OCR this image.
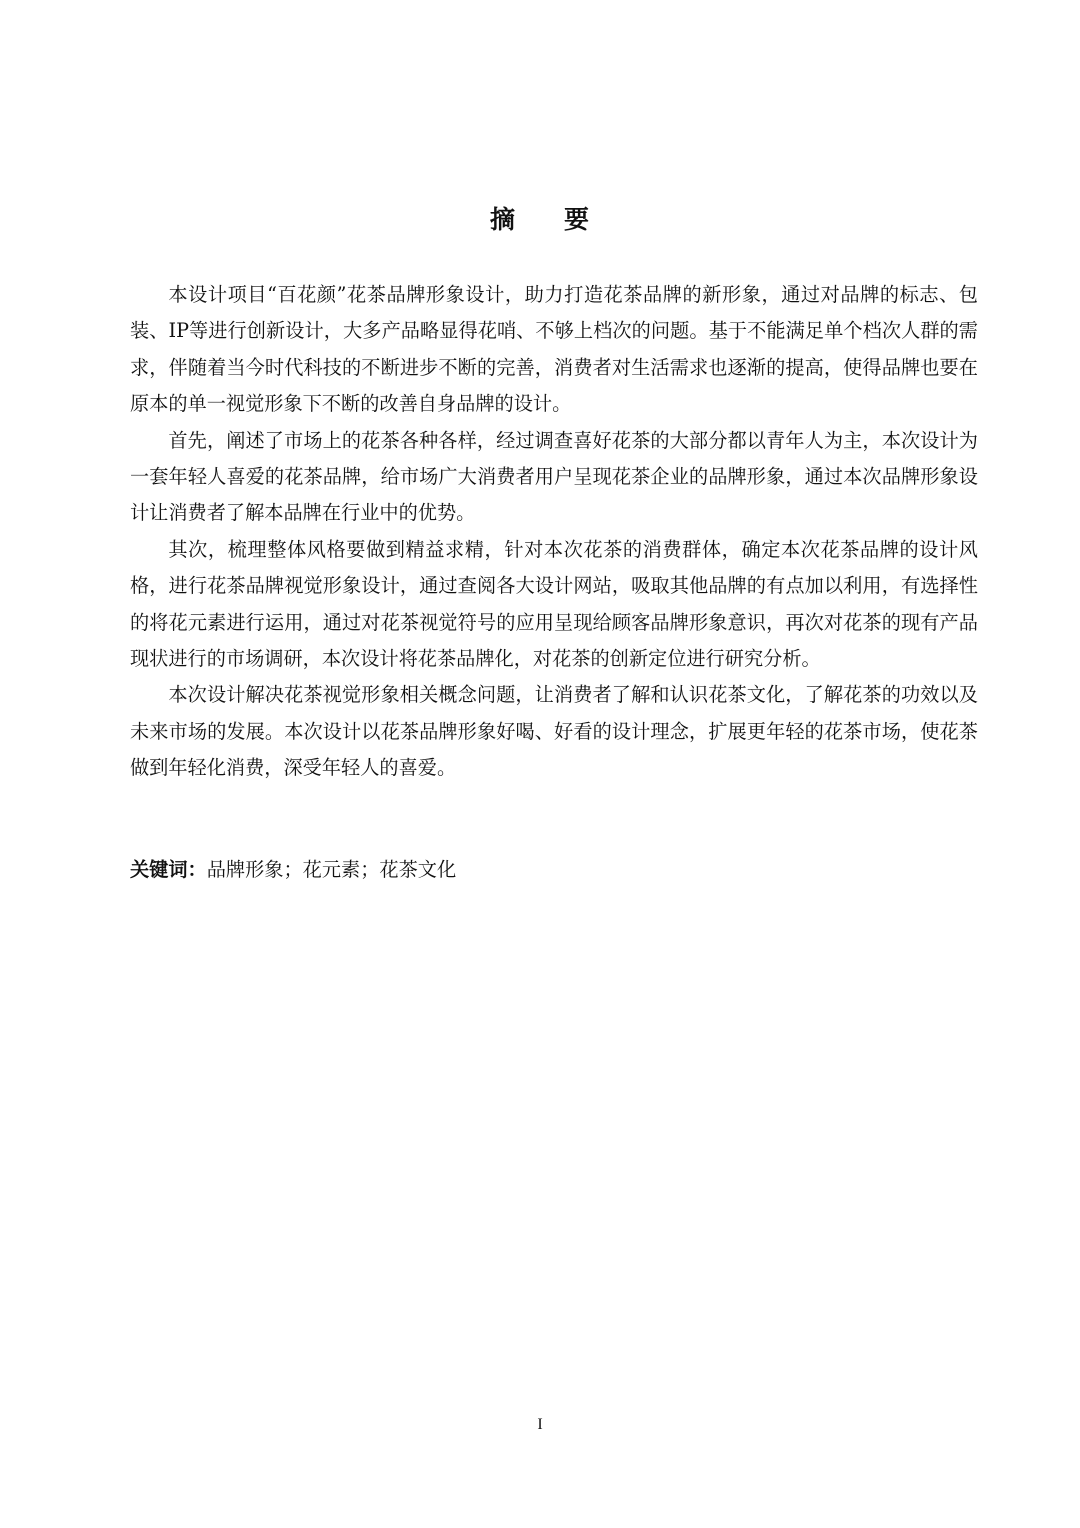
摘 要

本设计项目“百花颜”花茶品牌形象设计，助力打造花茶品牌的新形象，通过对品牌的标志、包装、IP等进行创新设计，大多产品略显得花哨、不够上档次的问题。基于不能满足单个档次人群的需求，伴随着当今时代科技的不断进步不断的完善，消费者对生活需求也逐渐的提高，使得品牌也要在原本的单一视觉形象下不断的改善自身品牌的设计。

首先，阐述了市场上的花茶各种各样，经过调查喜好花茶的大部分都以青年人为主，本次设计为一套年轻人喜爱的花茶品牌，给市场广大消费者用户呈现花茶企业的品牌形象，通过本次品牌形象设计让消费者了解本品牌在行业中的优势。

其次，梳理整体风格要做到精益求精，针对本次花茶的消费群体，确定本次花茶品牌的设计风格，进行花茶品牌视觉形象设计，通过查阅各大设计网站，吸取其他品牌的有点加以利用，有选择性的将花元素进行运用，通过对花茶视觉符号的应用呈现给顾客品牌形象意识，再次对花茶的现有产品现状进行的市场调研，本次设计将花茶品牌化，对花茶的创新定位进行研究分析。

本次设计解决花茶视觉形象相关概念问题，让消费者了解和认识花茶文化，了解花茶的功效以及未来市场的发展。本次设计以花茶品牌形象好喝、好看的设计理念，扩展更年轻的花茶市场，使花茶做到年轻化消费，深受年轻人的喜爱。

关键词：品牌形象；花元素；花茶文化
I
